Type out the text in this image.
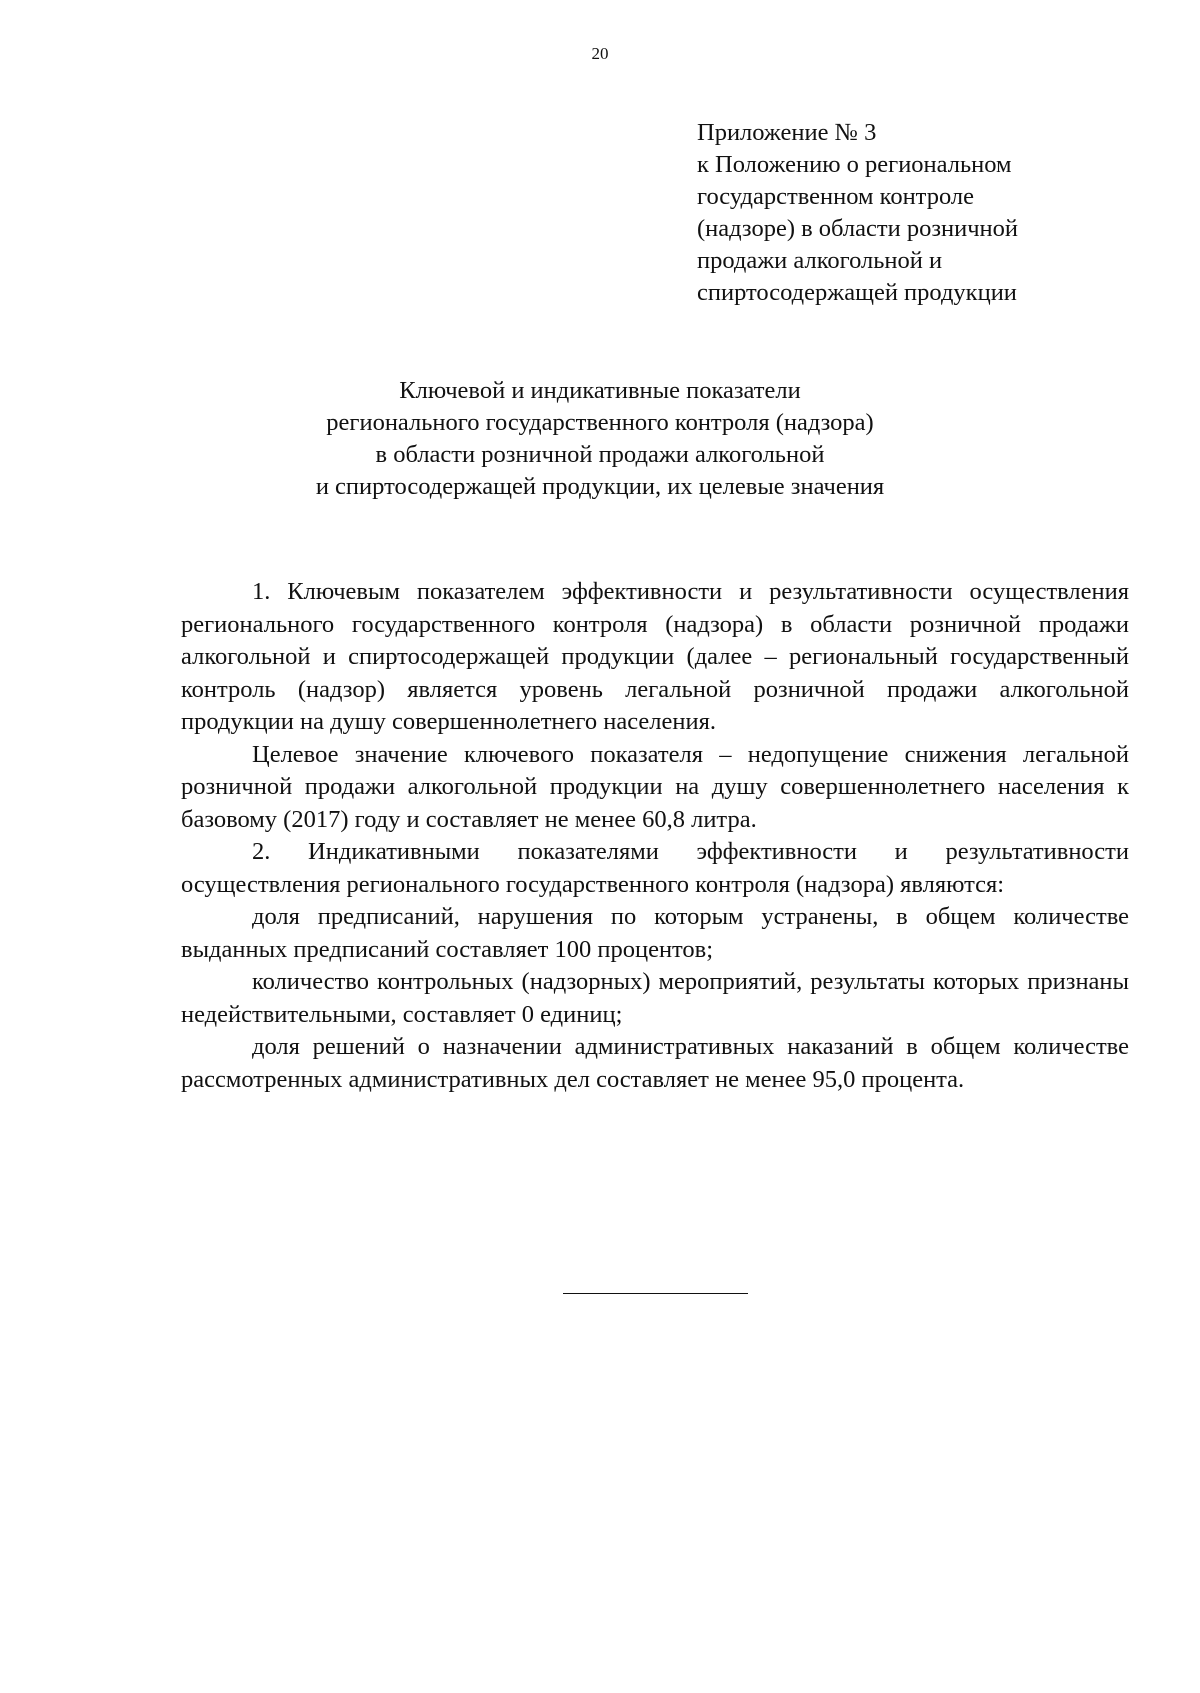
20
Приложение № 3
к Положению о региональном
государственном контроле
(надзоре) в области розничной
продажи алкогольной и
спиртосодержащей продукции
Ключевой и индикативные показатели
регионального государственного контроля (надзора)
в области розничной продажи алкогольной
и спиртосодержащей продукции, их целевые значения

1. Ключевым показателем эффективности и результативности осуществления регионального государственного контроля (надзора) в области розничной продажи алкогольной и спиртосодержащей продукции (далее – региональный государственный контроль (надзор) является уровень легальной розничной продажи алкогольной продукции на душу совершеннолетнего населения.

Целевое значение ключевого показателя – недопущение снижения легальной розничной продажи алкогольной продукции на душу совершеннолетнего населения к базовому (2017) году и составляет не менее 60,8 литра.

2. Индикативными показателями эффективности и результативности осуществления регионального государственного контроля (надзора) являются:

доля предписаний, нарушения по которым устранены, в общем количестве выданных предписаний составляет 100 процентов;

количество контрольных (надзорных) мероприятий, результаты которых признаны недействительными, составляет 0 единиц;

доля решений о назначении административных наказаний в общем количестве рассмотренных административных дел составляет не менее 95,0 процента.
